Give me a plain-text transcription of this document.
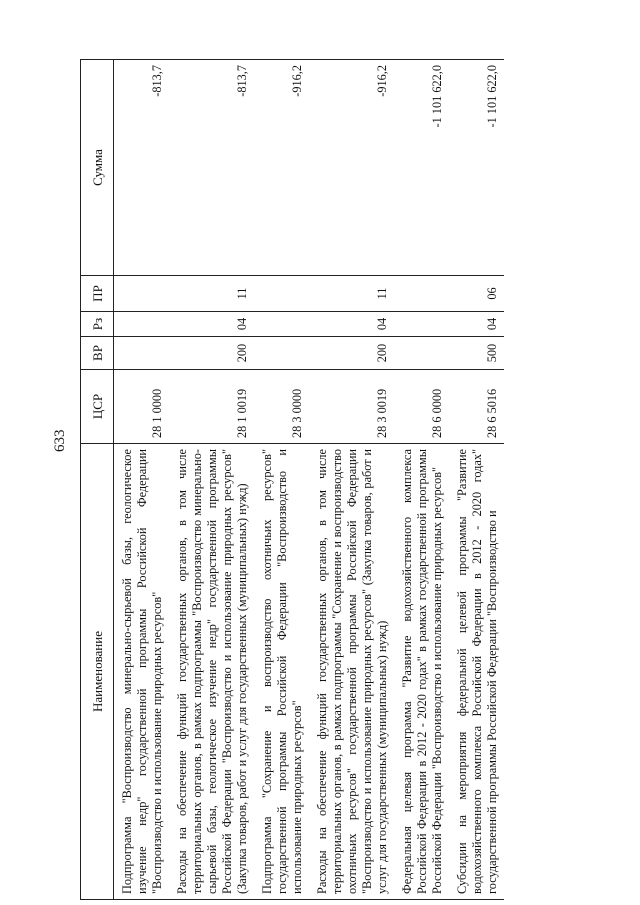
633
Наименование	ЦСР	ВР	Рз	ПР	Сумма
Подпрограмма "Воспроизводство минерально-сырьевой базы, геологическое изучение недр" государственной программы Российской Федерации "Воспроизводство и использование природных ресурсов"	28 1 0000				-813,7
Расходы на обеспечение функций государственных органов, в том числе территориальных органов, в рамках подпрограммы "Воспроизводство минерально-сырьевой базы, геологическое изучение недр" государственной программы Российской Федерации "Воспроизводство и использование природных ресурсов" (Закупка товаров, работ и услуг для государственных (муниципальных) нужд)	28 1 0019	200	04	11	-813,7
Подпрограмма "Сохранение и воспроизводство охотничьих ресурсов" государственной программы Российской Федерации "Воспроизводство и использование природных ресурсов"	28 3 0000				-916,2
Расходы на обеспечение функций государственных органов, в том числе территориальных органов, в рамках подпрограммы "Сохранение и воспроизводство охотничьих ресурсов" государственной программы Российской Федерации "Воспроизводство и использование природных ресурсов" (Закупка товаров, работ и услуг для государственных (муниципальных) нужд)	28 3 0019	200	04	11	-916,2
Федеральная целевая программа "Развитие водохозяйственного комплекса Российской Федерации в 2012 - 2020 годах" в рамках государственной программы Российской Федерации "Воспроизводство и использование природных ресурсов"	28 6 0000				-1 101 622,0
Субсидии на мероприятия федеральной целевой программы "Развитие водохозяйственного комплекса Российской Федерации в 2012 - 2020 годах" государственной программы Российской Федерации "Воспроизводство и	28 6 5016	500	04	06	-1 101 622,0
